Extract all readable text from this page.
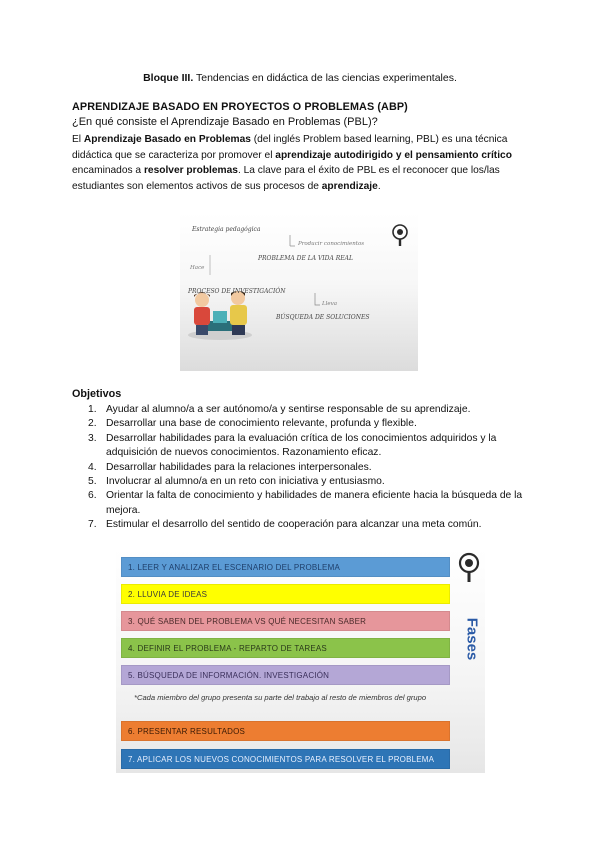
Bloque III. Tendencias en didáctica de las ciencias experimentales.
APRENDIZAJE BASADO EN PROYECTOS O PROBLEMAS (ABP)
¿En qué consiste el Aprendizaje Basado en Problemas (PBL)?
El Aprendizaje Basado en Problemas (del inglés Problem based learning, PBL) es una técnica didáctica que se caracteriza por promover el aprendizaje autodirigido y el pensamiento crítico encaminados a resolver problemas. La clave para el éxito de PBL es el reconocer que los/las estudiantes son elementos activos de sus procesos de aprendizaje.
Estrategia pedagógica
Producir conocimientos
PROBLEMA DE LA VIDA REAL
Hace
PROCESO DE INVESTIGACIÓN
Lleva
BÚSQUEDA DE SOLUCIONES
Objetivos
1. Ayudar al alumno/a a ser autónomo/a y sentirse responsable de su aprendizaje.
2. Desarrollar una base de conocimiento relevante, profunda y flexible.
3. Desarrollar habilidades para la evaluación crítica de los conocimientos adquiridos y la adquisición de nuevos conocimientos. Razonamiento eficaz.
4. Desarrollar habilidades para la relaciones interpersonales.
5. Involucrar al alumno/a en un reto con iniciativa y entusiasmo.
6. Orientar la falta de conocimiento y habilidades de manera eficiente hacia la búsqueda de la mejora.
7. Estimular el desarrollo del sentido de cooperación para alcanzar una meta común.
*Cada miembro del grupo presenta su parte del trabajo al resto de miembros del grupo
Fases
1. LEER Y ANALIZAR EL ESCENARIO DEL PROBLEMA
2. LLUVIA DE IDEAS
3. QUÉ SABEN DEL PROBLEMA VS QUÉ NECESITAN SABER
4. DEFINIR EL PROBLEMA - REPARTO DE TAREAS
5. BÚSQUEDA DE INFORMACIÓN. INVESTIGACIÓN
6. PRESENTAR RESULTADOS
7. APLICAR LOS NUEVOS CONOCIMIENTOS PARA RESOLVER EL PROBLEMA
